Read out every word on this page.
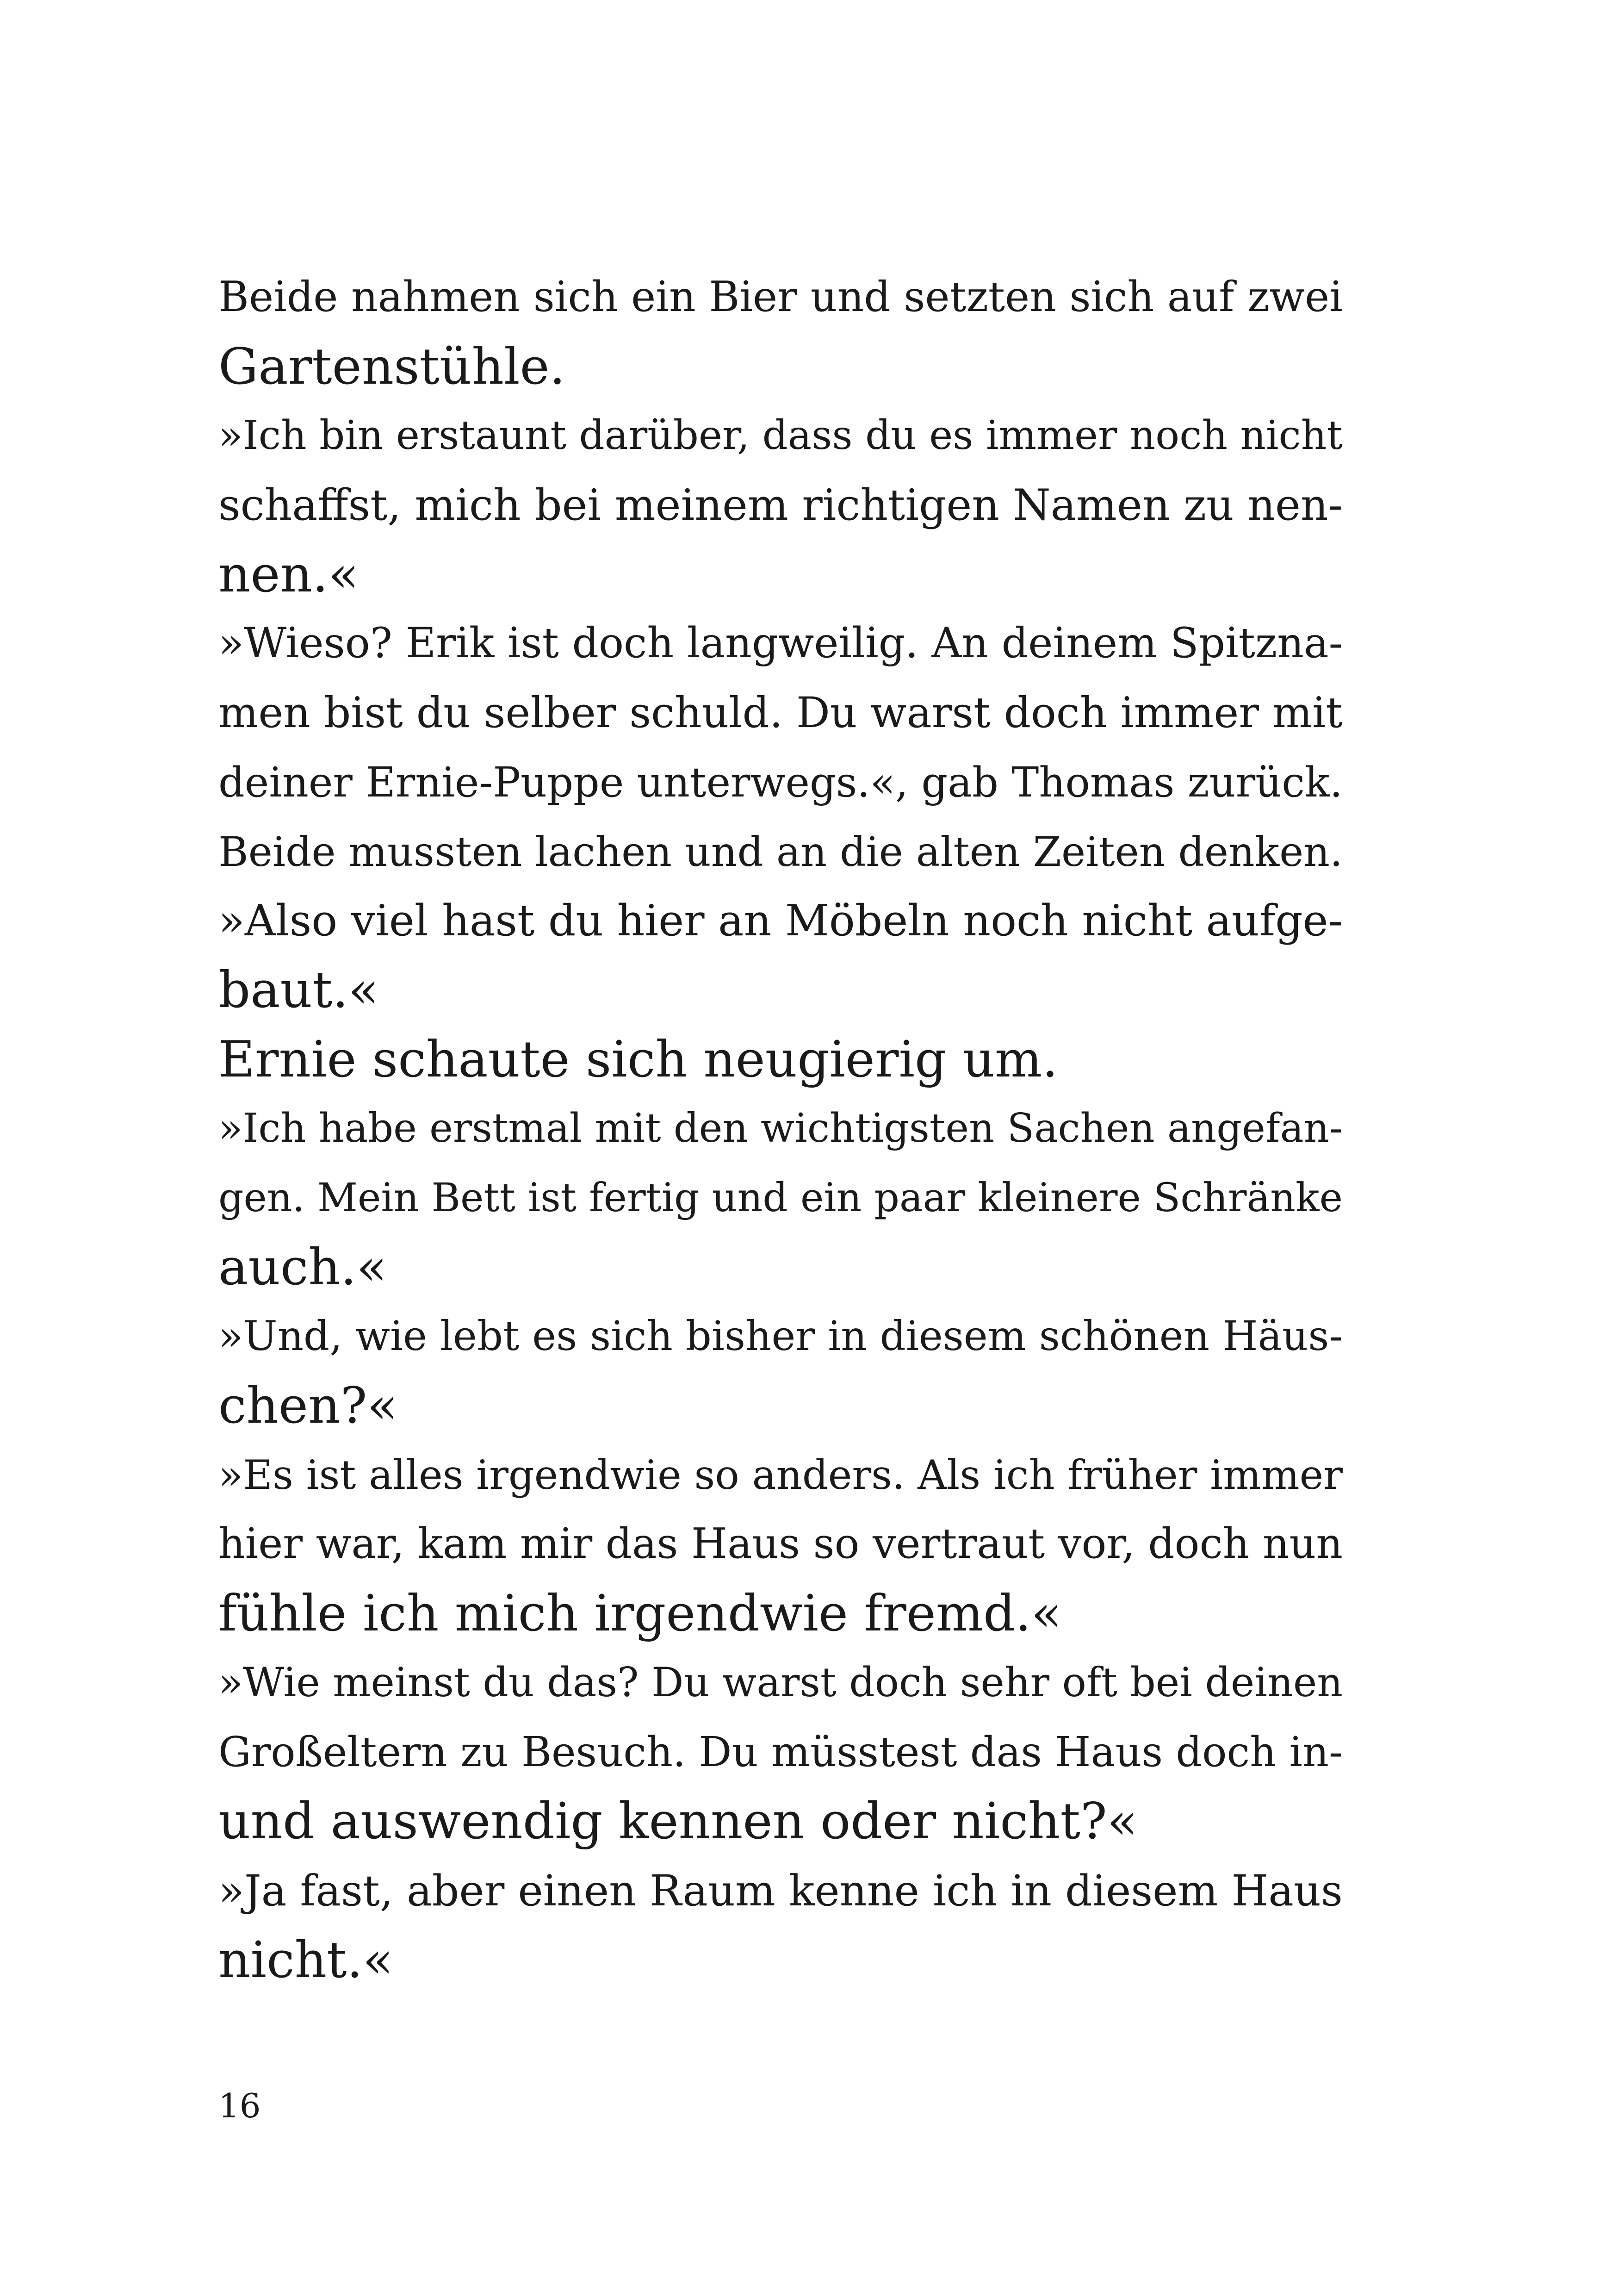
Beide nahmen sich ein Bier und setzten sich auf zwei
Gartenstühle.
»Ich bin erstaunt darüber, dass du es immer noch nicht
schaffst, mich bei meinem richtigen Namen zu nen-
nen.«
»Wieso? Erik ist doch langweilig. An deinem Spitzna-
men bist du selber schuld. Du warst doch immer mit
deiner Ernie-Puppe unterwegs.«, gab Thomas zurück.
Beide mussten lachen und an die alten Zeiten denken.
»Also viel hast du hier an Möbeln noch nicht aufge-
baut.«
Ernie schaute sich neugierig um.
»Ich habe erstmal mit den wichtigsten Sachen angefan-
gen. Mein Bett ist fertig und ein paar kleinere Schränke
auch.«
»Und, wie lebt es sich bisher in diesem schönen Häus-
chen?«
»Es ist alles irgendwie so anders. Als ich früher immer
hier war, kam mir das Haus so vertraut vor, doch nun
fühle ich mich irgendwie fremd.«
»Wie meinst du das? Du warst doch sehr oft bei deinen
Großeltern zu Besuch. Du müsstest das Haus doch in-
und auswendig kennen oder nicht?«
»Ja fast, aber einen Raum kenne ich in diesem Haus
nicht.«
16
